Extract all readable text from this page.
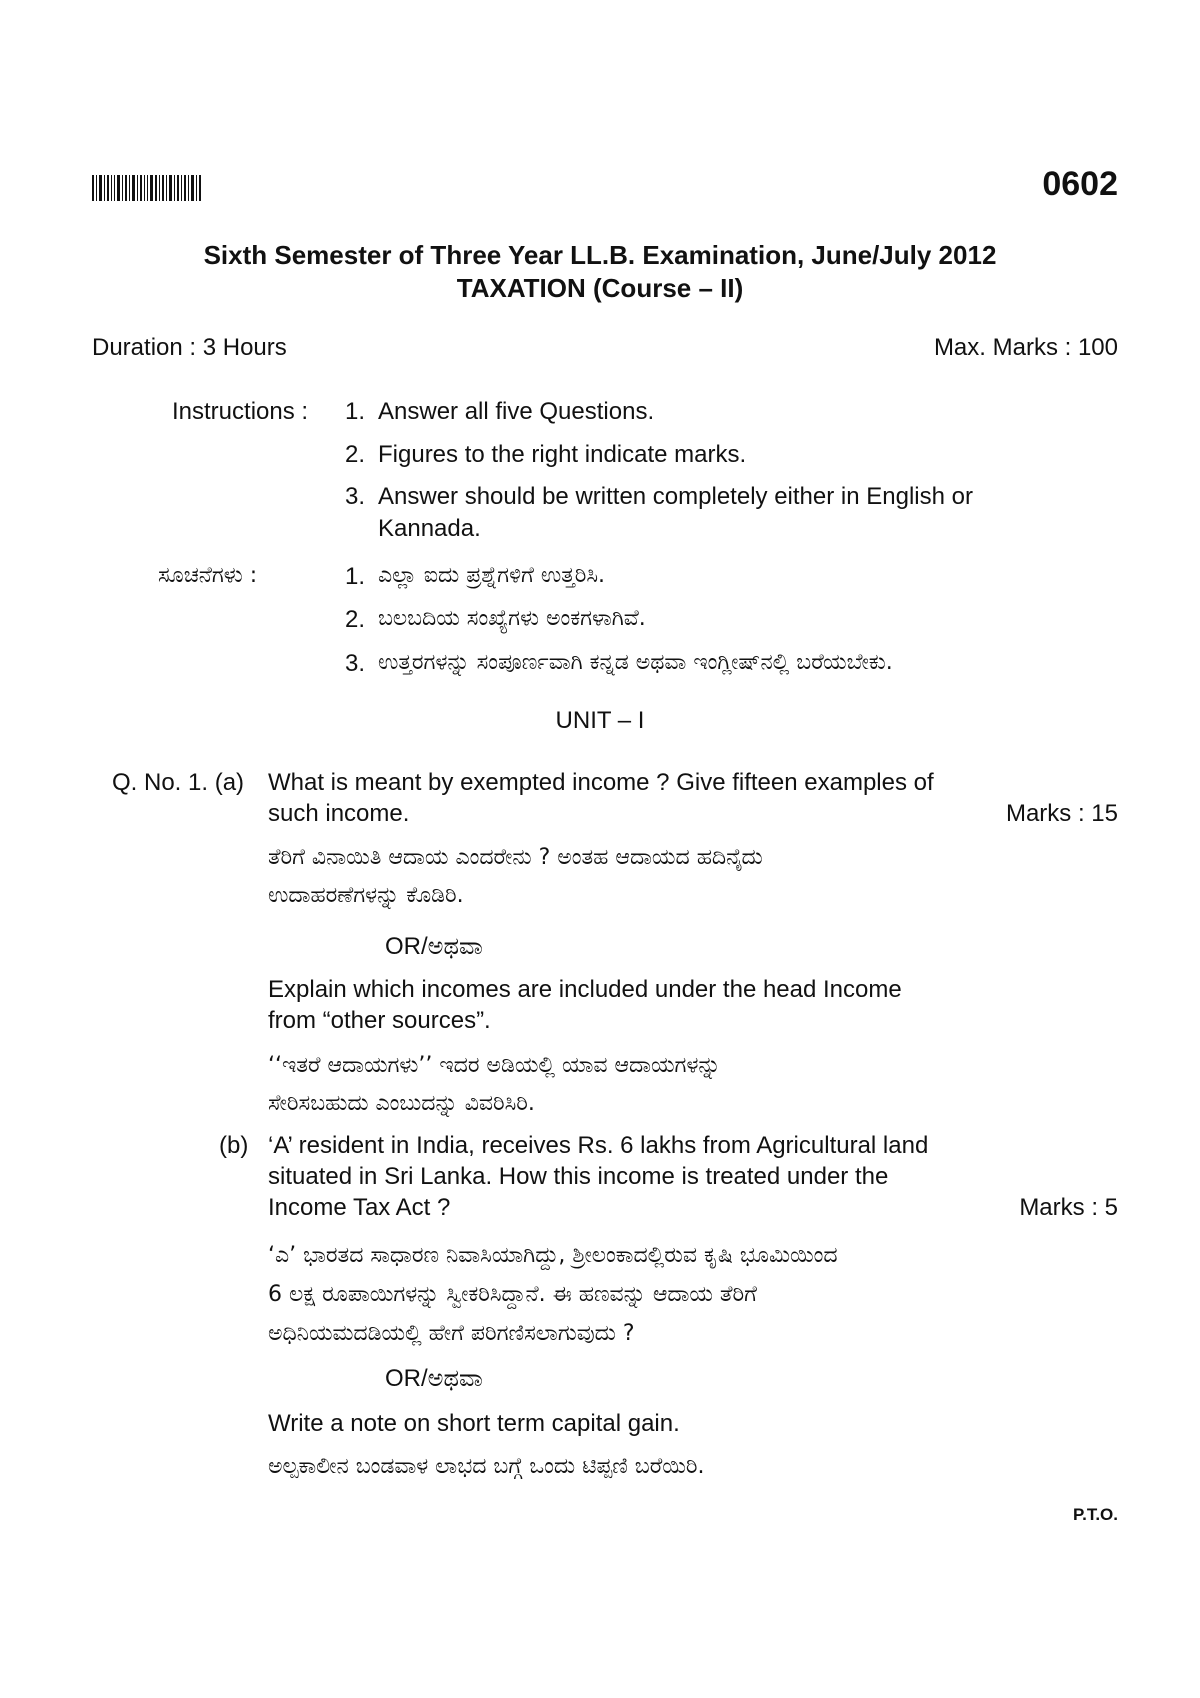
0602
Sixth Semester of Three Year LL.B. Examination, June/July 2012
TAXATION (Course – II)
Duration : 3 Hours	Max. Marks : 100
Instructions : 1. Answer all five Questions.
2. Figures to the right indicate marks.
3. Answer should be written completely either in English or
Kannada.
ಸೂಚನೆಗಳು :	1. ಎಲ್ಲಾ ಐದು ಪ್ರಶ್ನೆಗಳಿಗೆ ಉತ್ತರಿಸಿ.
2. ಬಲಬದಿಯ ಸಂಖ್ಯೆಗಳು ಅಂಕಗಳಾಗಿವೆ.
3. ಉತ್ತರಗಳನ್ನು ಸಂಪೂರ್ಣವಾಗಿ ಕನ್ನಡ ಅಥವಾ ಇಂಗ್ಲೀಷ್‌ನಲ್ಲಿ ಬರೆಯಬೇಕು.
UNIT – I
Q. No. 1. (a) What is meant by exempted income ? Give fifteen examples of
such income.	Marks : 15
ತೆರಿಗೆ ವಿನಾಯಿತಿ ಆದಾಯ ಎಂದರೇನು ? ಅಂತಹ ಆದಾಯದ ಹದಿನೈದು
ಉದಾಹರಣೆಗಳನ್ನು ಕೊಡಿರಿ.
OR/ಅಥವಾ
Explain which incomes are included under the head Income
from “other sources”.
‘‘ಇತರೆ ಆದಾಯಗಳು’’ ಇದರ ಅಡಿಯಲ್ಲಿ ಯಾವ ಆದಾಯಗಳನ್ನು
ಸೇರಿಸಬಹುದು ಎಂಬುದನ್ನು ವಿವರಿಸಿರಿ.
(b) ‘A’ resident in India, receives Rs. 6 lakhs from Agricultural land
situated in Sri Lanka. How this income is treated under the
Income Tax Act ?	Marks : 5
‘ಎ’ ಭಾರತದ ಸಾಧಾರಣ ನಿವಾಸಿಯಾಗಿದ್ದು, ಶ್ರೀಲಂಕಾದಲ್ಲಿರುವ ಕೃಷಿ ಭೂಮಿಯಿಂದ
6 ಲಕ್ಷ ರೂಪಾಯಿಗಳನ್ನು ಸ್ವೀಕರಿಸಿದ್ದಾನೆ. ಈ ಹಣವನ್ನು ಆದಾಯ ತೆರಿಗೆ
ಅಧಿನಿಯಮದಡಿಯಲ್ಲಿ ಹೇಗೆ ಪರಿಗಣಿಸಲಾಗುವುದು ?
OR/ಅಥವಾ
Write a note on short term capital gain.
ಅಲ್ಪಕಾಲೀನ ಬಂಡವಾಳ ಲಾಭದ ಬಗ್ಗೆ ಒಂದು ಟಿಪ್ಪಣಿ ಬರೆಯಿರಿ.
P.T.O.
